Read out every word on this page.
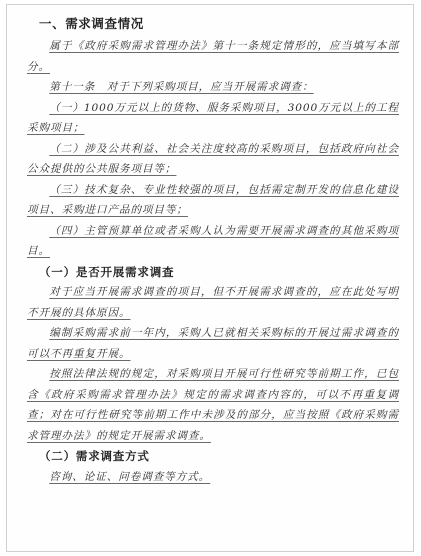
一、需求调查情况

属于《政府采购需求管理办法》第十一条规定情形的，应当填写本部分。

第十一条　对于下列采购项目，应当开展需求调查：

（一）1000万元以上的货物、服务采购项目，3000万元以上的工程采购项目；

（二）涉及公共利益、社会关注度较高的采购项目，包括政府向社会公众提供的公共服务项目等；

（三）技术复杂、专业性较强的项目，包括需定制开发的信息化建设项目、采购进口产品的项目等；

（四）主管预算单位或者采购人认为需要开展需求调查的其他采购项目。

（一）是否开展需求调查

对于应当开展需求调查的项目，但不开展需求调查的，应在此处写明不开展的具体原因。

编制采购需求前一年内，采购人已就相关采购标的开展过需求调查的可以不再重复开展。

按照法律法规的规定，对采购项目开展可行性研究等前期工作，已包含《政府采购需求管理办法》规定的需求调查内容的，可以不再重复调查；对在可行性研究等前期工作中未涉及的部分，应当按照《政府采购需求管理办法》的规定开展需求调查。

（二）需求调查方式

咨询、论证、问卷调查等方式。
